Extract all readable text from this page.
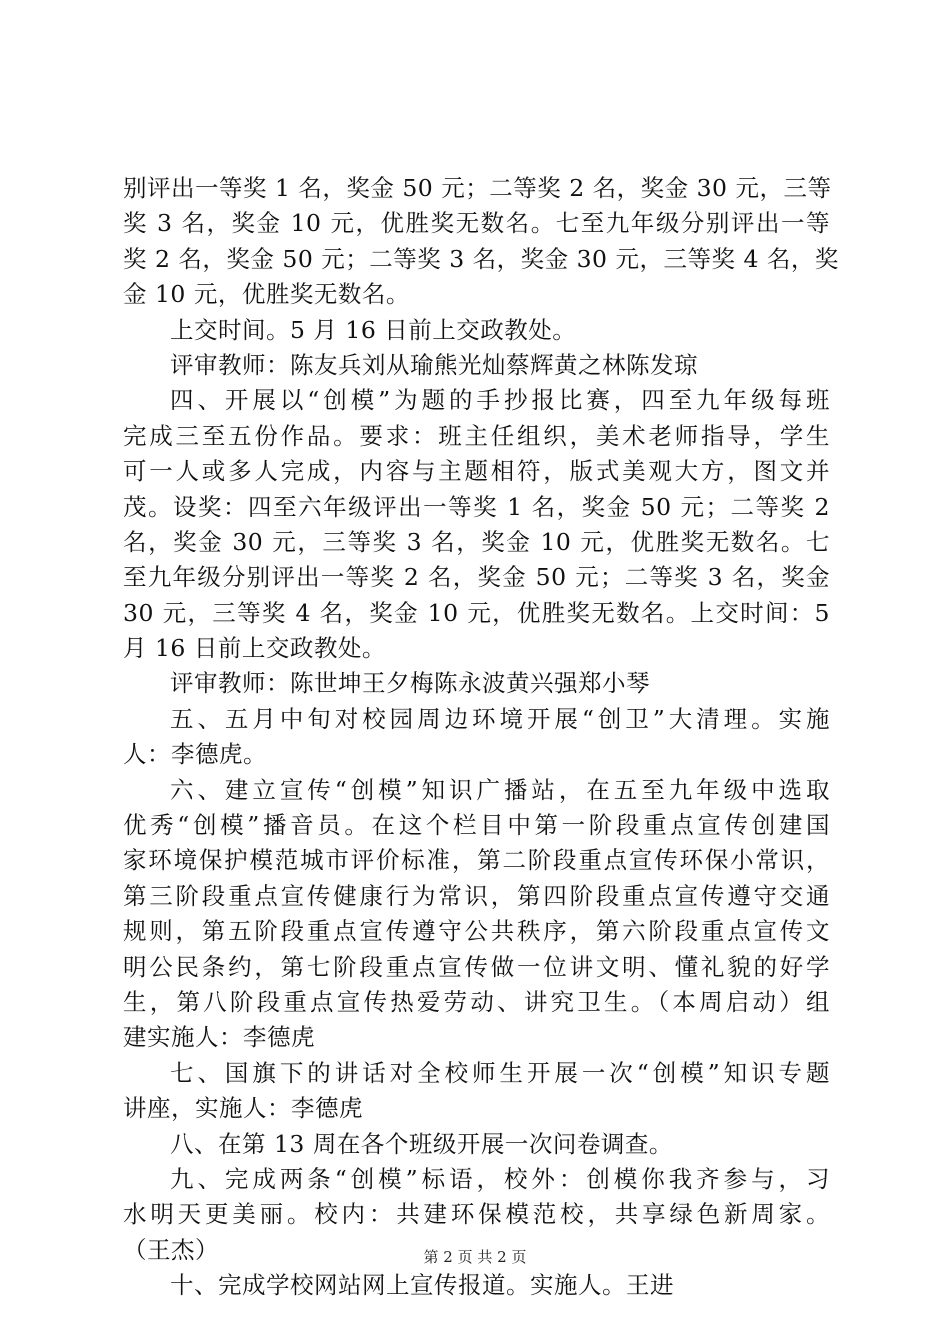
别评出一等奖 1 名，奖金 50 元；二等奖 2 名，奖金 30 元，三等
奖 3 名，奖金 10 元，优胜奖无数名。七至九年级分别评出一等
奖 2 名，奖金 50 元；二等奖 3 名，奖金 30 元，三等奖 4 名，奖
金 10 元，优胜奖无数名。
上交时间。5 月 16 日前上交政教处。
评审教师：陈友兵刘从瑜熊光灿蔡辉黄之林陈发琼
四、开展以“创模”为题的手抄报比赛，四至九年级每班
完成三至五份作品。要求：班主任组织，美术老师指导，学生
可一人或多人完成，内容与主题相符，版式美观大方，图文并
茂。设奖：四至六年级评出一等奖 1 名，奖金 50 元；二等奖 2
名，奖金 30 元，三等奖 3 名，奖金 10 元，优胜奖无数名。七
至九年级分别评出一等奖 2 名，奖金 50 元；二等奖 3 名，奖金
30 元，三等奖 4 名，奖金 10 元，优胜奖无数名。上交时间：5
月 16 日前上交政教处。
评审教师：陈世坤王夕梅陈永波黄兴强郑小琴
五、五月中旬对校园周边环境开展“创卫”大清理。实施
人：李德虎。
六、建立宣传“创模”知识广播站，在五至九年级中选取
优秀“创模”播音员。在这个栏目中第一阶段重点宣传创建国
家环境保护模范城市评价标准，第二阶段重点宣传环保小常识，
第三阶段重点宣传健康行为常识，第四阶段重点宣传遵守交通
规则，第五阶段重点宣传遵守公共秩序，第六阶段重点宣传文
明公民条约，第七阶段重点宣传做一位讲文明、懂礼貌的好学
生，第八阶段重点宣传热爱劳动、讲究卫生。（本周启动）组
建实施人：李德虎
七、国旗下的讲话对全校师生开展一次“创模”知识专题
讲座，实施人：李德虎
八、在第 13 周在各个班级开展一次问卷调查。
九、完成两条“创模”标语，校外：创模你我齐参与，习
水明天更美丽。校内：共建环保模范校，共享绿色新周家。
（王杰）
十、完成学校网站网上宣传报道。实施人。王进
第 2 页 共 2 页
